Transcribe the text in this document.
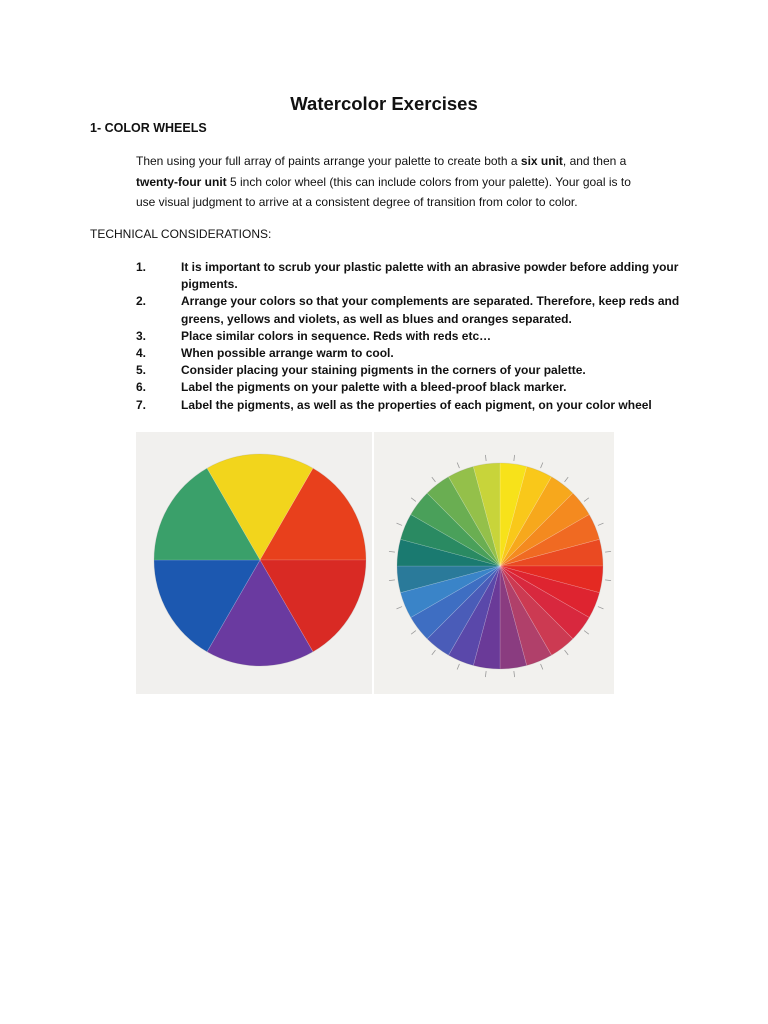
Watercolor Exercises
1- COLOR WHEELS
Then using your full array of paints arrange your palette to create both a six unit, and then a
twenty-four unit 5 inch color wheel (this can include colors from your palette). Your goal is to
use visual judgment to arrive at a consistent degree of transition from color to color.
TECHNICAL CONSIDERATIONS:
1.	It is important to scrub your plastic palette with an abrasive powder before adding your pigments.
2.	Arrange your colors so that your complements are separated. Therefore, keep reds and greens, yellows and violets, as well as blues and oranges separated.
3.	Place similar colors in sequence. Reds with reds etc…
4.	When possible arrange warm to cool.
5.	Consider placing your staining pigments in the corners of your palette.
6.	Label the pigments on your palette with a bleed-proof black marker.
7.	Label the pigments, as well as the properties of each pigment, on your color wheel
